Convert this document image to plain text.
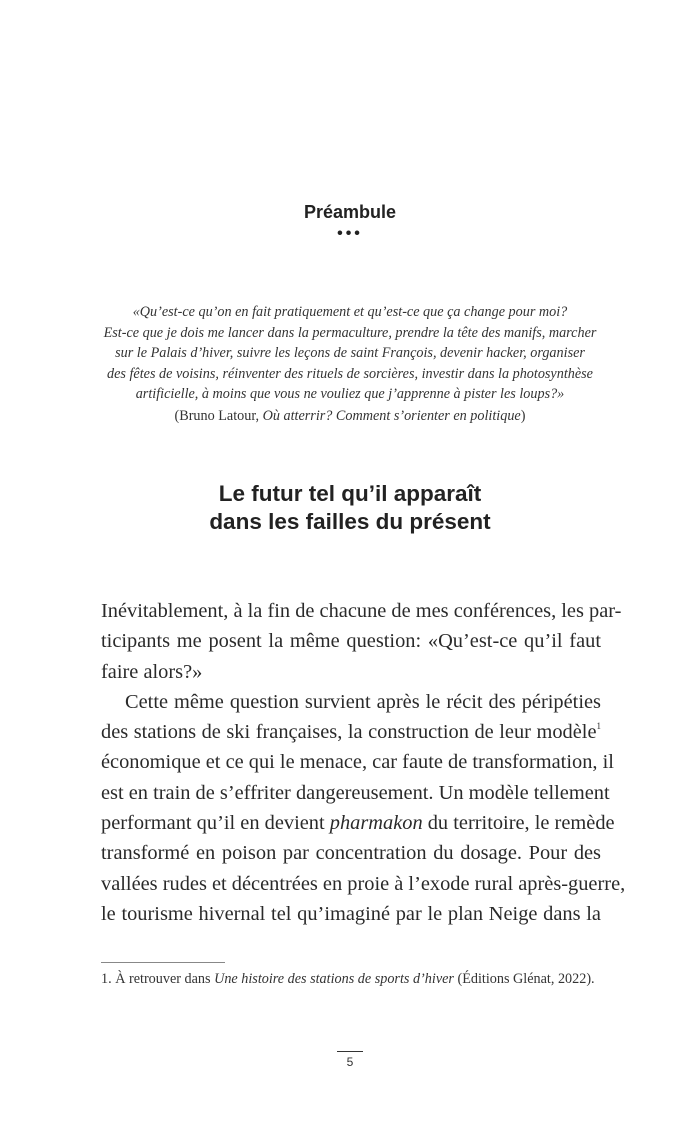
Préambule
•••
«Qu’est-ce qu’on en fait pratiquement et qu’est-ce que ça change pour moi?
Est-ce que je dois me lancer dans la permaculture, prendre la tête des manifs, marcher
sur le Palais d’hiver, suivre les leçons de saint François, devenir hacker, organiser
des fêtes de voisins, réinventer des rituels de sorcières, investir dans la photosynthèse
artificielle, à moins que vous ne vouliez que j’apprenne à pister les loups?»
(Bruno Latour, Où atterrir? Comment s’orienter en politique)
Le futur tel qu’il apparaît
dans les failles du présent
Inévitablement, à la fin de chacune de mes conférences, les par-
ticipants me posent la même question: «Qu’est-ce qu’il faut
faire alors?»
Cette même question survient après le récit des péripéties
des stations de ski françaises, la construction de leur modèle$^1$
économique et ce qui le menace, car faute de transformation, il
est en train de s’effriter dangereusement. Un modèle tellement
performant qu’il en devient pharmakon du territoire, le remède
transformé en poison par concentration du dosage. Pour des
vallées rudes et décentrées en proie à l’exode rural après-guerre,
le tourisme hivernal tel qu’imaginé par le plan Neige dans la
1. À retrouver dans Une histoire des stations de sports d’hiver (Éditions Glénat, 2022).
5
